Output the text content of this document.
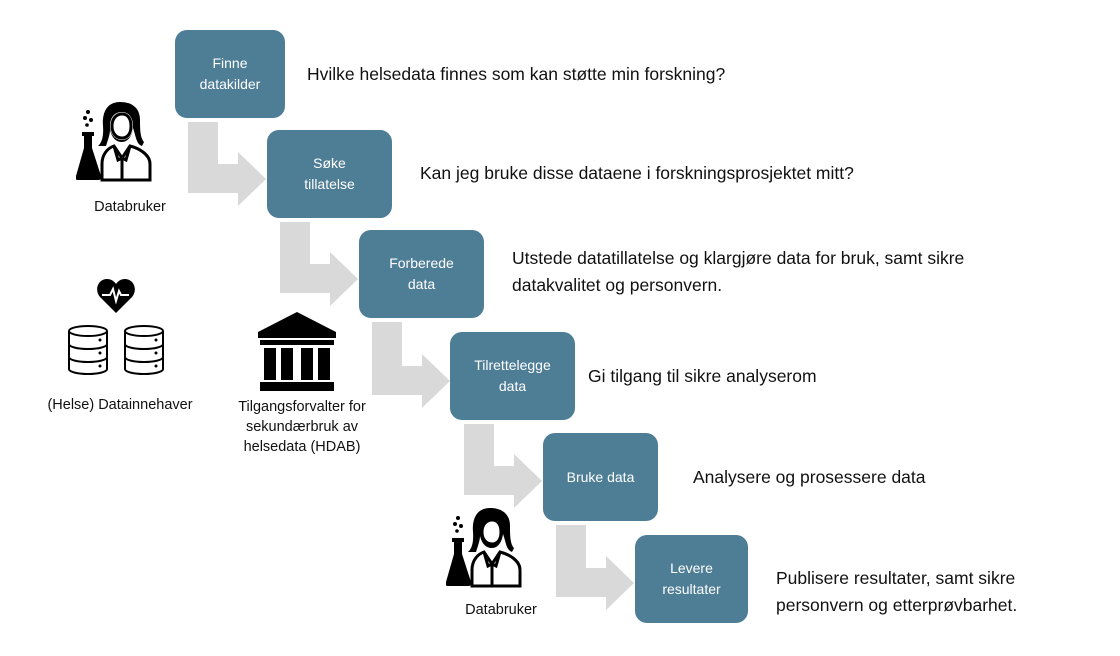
Finne
datakilder
Søke
tillatelse
Forberede
data
Tilrettelegge
data
Bruke data
Levere
resultater
Hvilke helsedata finnes som kan støtte min forskning?
Kan jeg bruke disse dataene i forskningsprosjektet mitt?
Utstede datatillatelse og klargjøre data for bruk, samt sikre
datakvalitet og personvern.
Gi tilgang til sikre analyserom
Analysere og prosessere data
Publisere resultater, samt sikre
personvern og etterprøvbarhet.
Databruker
(Helse) Datainnehaver	Tilgangsforvalter for
sekundærbruk av
helsedata (HDAB)
Databruker
